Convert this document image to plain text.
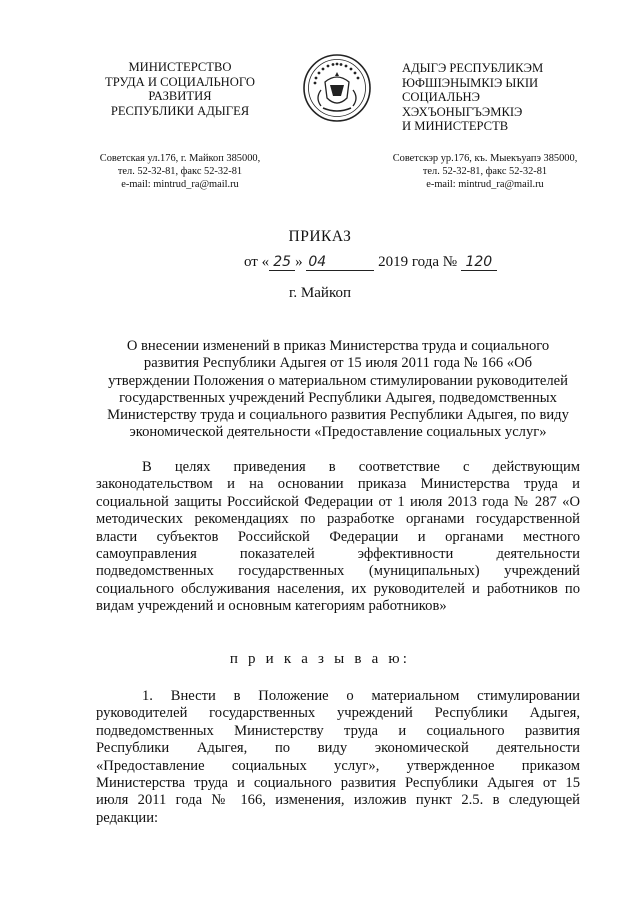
МИНИСТЕРСТВО
ТРУДА И СОЦИАЛЬНОГО
РАЗВИТИЯ
РЕСПУБЛИКИ АДЫГЕЯ
АДЫГЭ РЕСПУБЛИКЭМ
ЮФШІЭНЫМКІЭ ЫКІИ
СОЦИАЛЬНЭ
ХЭХЪОНЫГЪЭМКІЭ
И МИНИСТЕРСТВ
Советская ул.176, г. Майкоп 385000,
тел. 52-32-81, факс 52-32-81
e-mail: mintrud_ra@mail.ru
Советскэр ур.176, къ. Мыекъуапэ 385000,
тел. 52-32-81, факс 52-32-81
e-mail: mintrud_ra@mail.ru
ПРИКАЗ
от « 25 » 04	2019 года № 120
г. Майкоп
О внесении изменений в приказ Министерства труда и социального
развития Республики Адыгея от 15 июля 2011 года № 166 «Об
утверждении Положения о материальном стимулировании руководителей
государственных учреждений Республики Адыгея, подведомственных
Министерству труда и социального развития Республики Адыгея, по виду
экономической деятельности «Предоставление социальных услуг»
В целях приведения в соответствие с действующим
законодательством и на основании приказа Министерства труда и
социальной защиты Российской Федерации от 1 июля 2013 года № 287 «О
методических рекомендациях по разработке органами государственной
власти субъектов Российской Федерации и органами местного
самоуправления показателей эффективности деятельности
подведомственных государственных (муниципальных) учреждений
социального обслуживания населения, их руководителей и работников по
видам учреждений и основным категориям работников»
п р и к а з ы в а ю:
1. Внести в Положение о материальном стимулировании
руководителей государственных учреждений Республики Адыгея,
подведомственных Министерству труда и социального развития
Республики Адыгея, по виду экономической деятельности
«Предоставление социальных услуг», утвержденное приказом
Министерства труда и социального развития Республики Адыгея от 15
июля 2011 года № 166, изменения, изложив пункт 2.5. в следующей
редакции:
